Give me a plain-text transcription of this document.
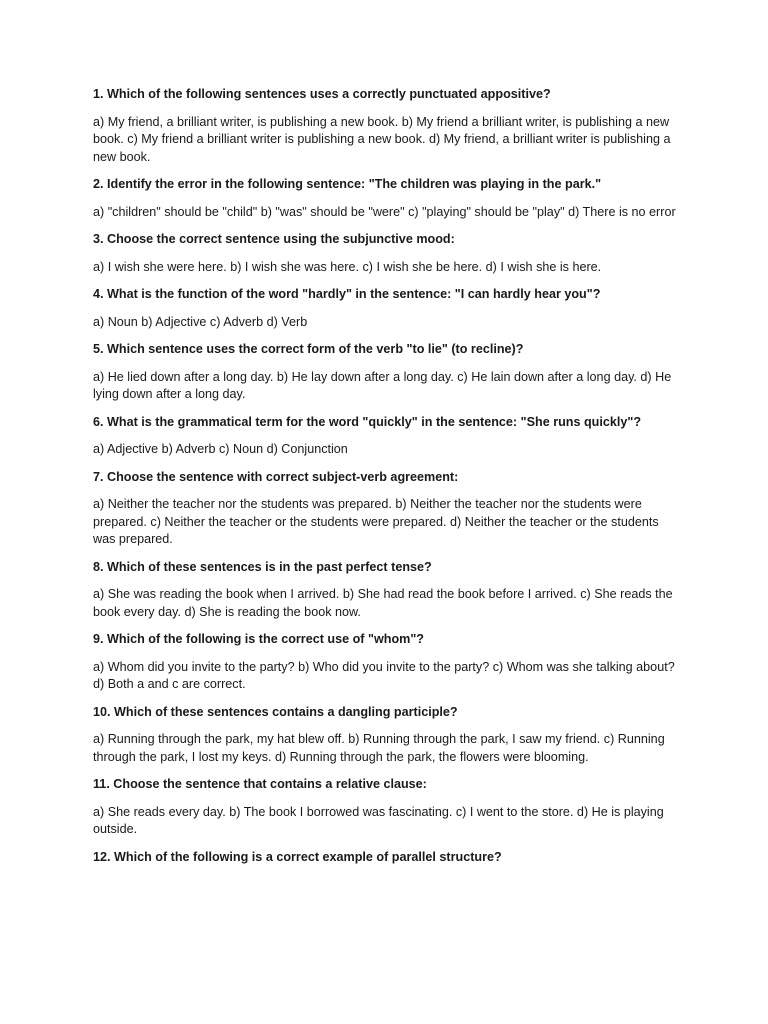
1. Which of the following sentences uses a correctly punctuated appositive?

a) My friend, a brilliant writer, is publishing a new book. b) My friend a brilliant writer, is publishing a new book. c) My friend a brilliant writer is publishing a new book. d) My friend, a brilliant writer is publishing a new book.

2. Identify the error in the following sentence: "The children was playing in the park."

a) "children" should be "child" b) "was" should be "were" c) "playing" should be "play" d) There is no error

3. Choose the correct sentence using the subjunctive mood:

a) I wish she were here. b) I wish she was here. c) I wish she be here. d) I wish she is here.

4. What is the function of the word "hardly" in the sentence: "I can hardly hear you"?

a) Noun b) Adjective c) Adverb d) Verb

5. Which sentence uses the correct form of the verb "to lie" (to recline)?

a) He lied down after a long day. b) He lay down after a long day. c) He lain down after a long day. d) He lying down after a long day.

6. What is the grammatical term for the word "quickly" in the sentence: "She runs quickly"?

a) Adjective b) Adverb c) Noun d) Conjunction

7. Choose the sentence with correct subject-verb agreement:

a) Neither the teacher nor the students was prepared. b) Neither the teacher nor the students were prepared. c) Neither the teacher or the students were prepared. d) Neither the teacher or the students was prepared.

8. Which of these sentences is in the past perfect tense?

a) She was reading the book when I arrived. b) She had read the book before I arrived. c) She reads the book every day. d) She is reading the book now.

9. Which of the following is the correct use of "whom"?

a) Whom did you invite to the party? b) Who did you invite to the party? c) Whom was she talking about? d) Both a and c are correct.

10. Which of these sentences contains a dangling participle?

a) Running through the park, my hat blew off. b) Running through the park, I saw my friend. c) Running through the park, I lost my keys. d) Running through the park, the flowers were blooming.

11. Choose the sentence that contains a relative clause:

a) She reads every day. b) The book I borrowed was fascinating. c) I went to the store. d) He is playing outside.

12. Which of the following is a correct example of parallel structure?
